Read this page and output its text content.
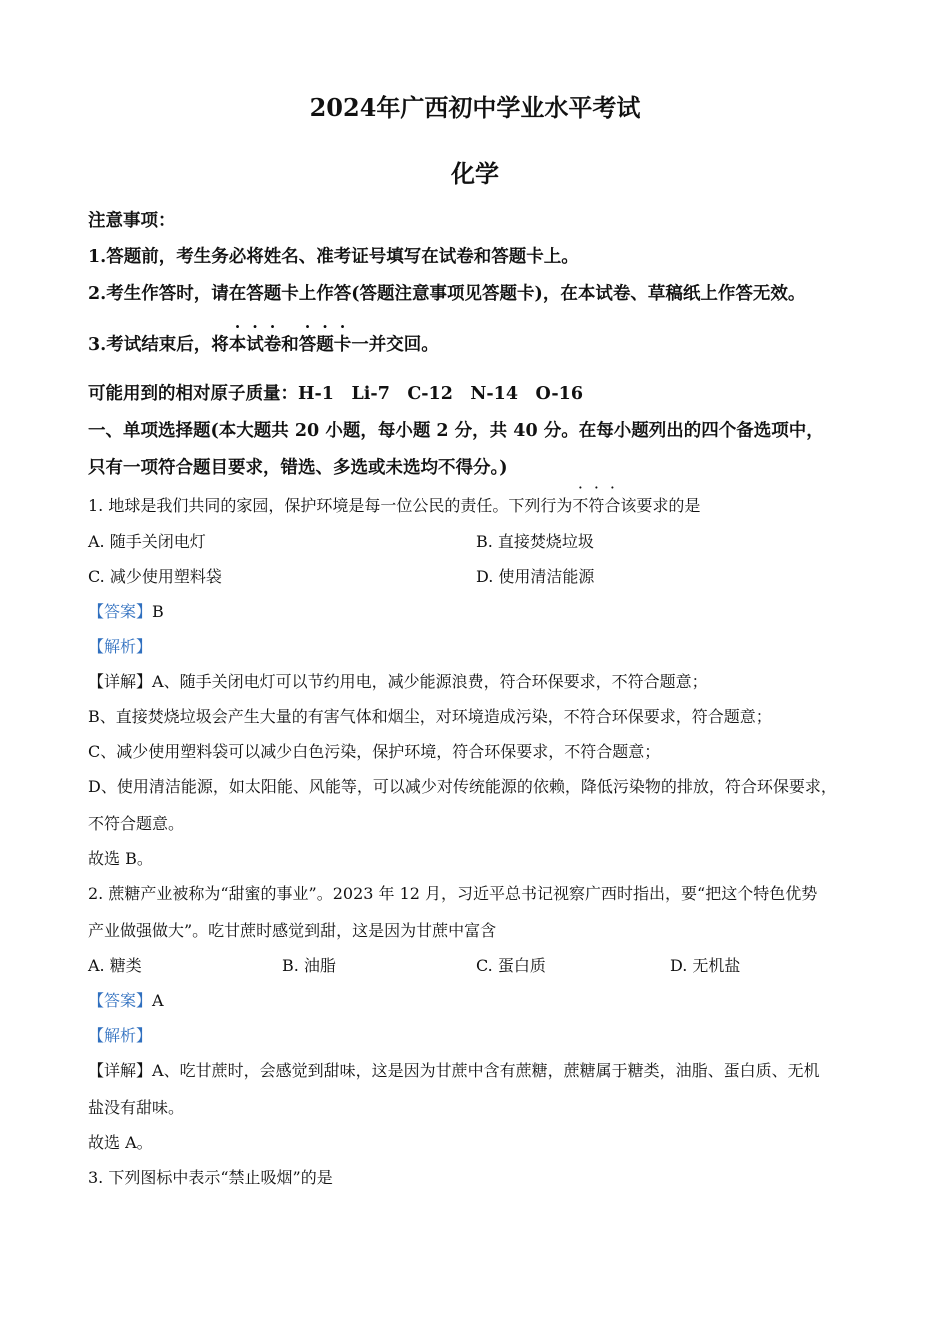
2024年广西初中学业水平考试
化学
注意事项：
1.答题前，考生务必将姓名、准考证号填写在试卷和答题卡上。
2.考生作答时，请在答题卡上作答(答题注意事项见答题卡)，在本试卷、草稿纸上作答无效。
3.考试结束后，将本试卷和答题卡一并交回。
可能用到的相对原子质量：H-1　Li-7　C-12　N-14　O-16
一、单项选择题(本大题共 20 小题，每小题 2 分，共 40 分。在每小题列出的四个备选项中，
只有一项符合题目要求，错选、多选或未选均不得分。)
1. 地球是我们共同的家园，保护环境是每一位公民的责任。下列行为不符合该要求的是
A. 随手关闭电灯	B. 直接焚烧垃圾
C. 减少使用塑料袋	D. 使用清洁能源
【答案】B
【解析】
【详解】A、随手关闭电灯可以节约用电，减少能源浪费，符合环保要求，不符合题意；
B、直接焚烧垃圾会产生大量的有害气体和烟尘，对环境造成污染，不符合环保要求，符合题意；
C、减少使用塑料袋可以减少白色污染，保护环境，符合环保要求，不符合题意；
D、使用清洁能源，如太阳能、风能等，可以减少对传统能源的依赖，降低污染物的排放，符合环保要求，
不符合题意。
故选 B。
2. 蔗糖产业被称为“甜蜜的事业”。2023 年 12 月，习近平总书记视察广西时指出，要“把这个特色优势
产业做强做大”。吃甘蔗时感觉到甜，这是因为甘蔗中富含
A. 糖类	B. 油脂	C. 蛋白质	D. 无机盐
【答案】A
【解析】
【详解】A、吃甘蔗时，会感觉到甜味，这是因为甘蔗中含有蔗糖，蔗糖属于糖类，油脂、蛋白质、无机
盐没有甜味。
故选 A。
3. 下列图标中表示“禁止吸烟”的是
